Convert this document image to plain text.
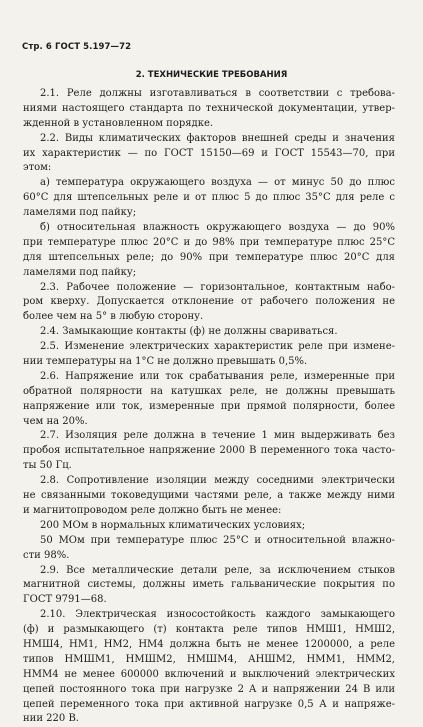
Стр. 6 ГОСТ 5.197—72
2. ТЕХНИЧЕСКИЕ ТРЕБОВАНИЯ
2.1. Реле должны изготавливаться в соответствии с требова-
ниями настоящего стандарта по технической документации, утвер-
жденной в установленном порядке.
2.2. Виды климатических факторов внешней среды и значения
их характеристик — по ГОСТ 15150—69 и ГОСТ 15543—70, при
этом:
а) температура окружающего воздуха — от минус 50 до плюс
60°С для штепсельных реле и от плюс 5 до плюс 35°С для реле с
ламелями под пайку;
б) относительная влажность окружающего воздуха — до 90%
при температуре плюс 20°С и до 98% при температуре плюс 25°С
для штепсельных реле; до 90% при температуре плюс 20°С для
ламелями под пайку;
2.3. Рабочее положение — горизонтальное, контактным набо-
ром кверху. Допускается отклонение от рабочего положения не
более чем на 5° в любую сторону.
2.4. Замыкающие контакты (ф) не должны свариваться.
2.5. Изменение электрических характеристик реле при измене-
нии температуры на 1°С не должно превышать 0,5%.
2.6. Напряжение или ток срабатывания реле, измеренные при
обратной полярности на катушках реле, не должны превышать
напряжение или ток, измеренные при прямой полярности, более
чем на 20%.
2.7. Изоляция реле должна в течение 1 мин выдерживать без
пробоя испытательное напряжение 2000 В переменного тока часто-
ты 50 Гц.
2.8. Сопротивление изоляции между соседними электрически
не связанными токоведущими частями реле, а также между ними
и магнитопроводом реле должно быть не менее:
200 МОм в нормальных климатических условиях;
50 МОм при температуре плюс 25°С и относительной влажно-
сти 98%.
2.9. Все металлические детали реле, за исключением стыков
магнитной системы, должны иметь гальванические покрытия по
ГОСТ 9791—68.
2.10. Электрическая износостойкость каждого замыкающего
(ф) и размыкающего (т) контакта реле типов НМШ1, НМШ2,
НМШ4, НМ1, НМ2, НМ4 должна быть не менее 1200000, а реле
типов НМШМ1, НМШМ2, НМШМ4, АНШМ2, НММ1, НММ2,
НММ4 не менее 600000 включений и выключений электрических
цепей постоянного тока при нагрузке 2 А и напряжении 24 В или
цепей переменного тока при активной нагрузке 0,5 А и напряже-
нии 220 В.
